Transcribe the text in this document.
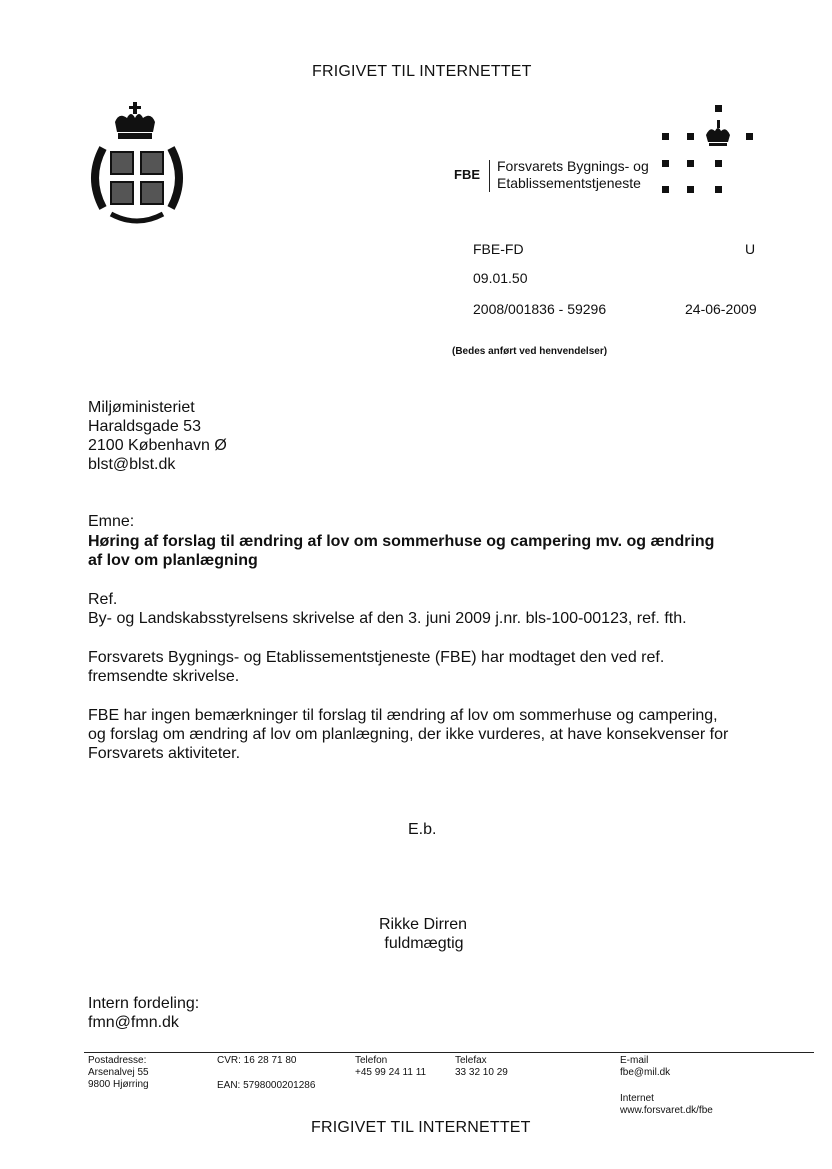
FRIGIVET TIL INTERNETTET
FBE
Forsvarets Bygnings- og
Etablissementstjeneste
FBE-FD	U
09.01.50
2008/001836 - 59296	24-06-2009
(Bedes anført ved henvendelser)
Miljøministeriet
Haraldsgade 53
2100 København Ø
blst@blst.dk
Emne:
Høring af forslag til ændring af lov om sommerhuse og campering mv. og ændring
af lov om planlægning
Ref.
By- og Landskabsstyrelsens skrivelse af den 3. juni 2009 j.nr. bls-100-00123, ref. fth.
Forsvarets Bygnings- og Etablissementstjeneste (FBE) har modtaget den ved ref.
fremsendte skrivelse.
FBE har ingen bemærkninger til forslag til ændring af lov om sommerhuse og campering,
og forslag om ændring af lov om planlægning, der ikke vurderes, at have konsekvenser for
Forsvarets aktiviteter.
E.b.
Rikke Dirren
fuldmægtig
Intern fordeling:
fmn@fmn.dk
Postadresse:
Arsenalvej 55
9800 Hjørring
CVR: 16 28 71 80
EAN: 5798000201286
Telefon
+45 99 24 11 11
Telefax
33 32 10 29
E-mail
fbe@mil.dk
Internet
www.forsvaret.dk/fbe
FRIGIVET TIL INTERNETTET
